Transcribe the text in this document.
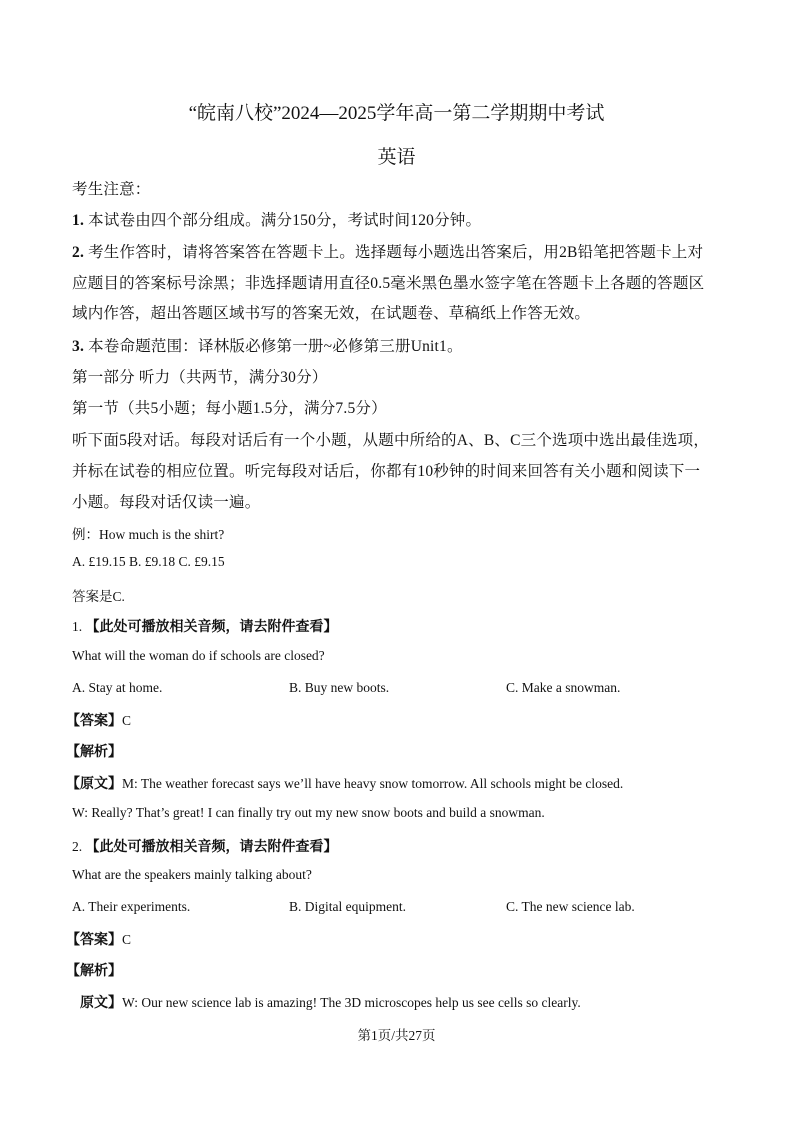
“皖南八校”2024—2025学年高一第二学期期中考试
英语
考生注意：
1. 本试卷由四个部分组成。满分150分，考试时间120分钟。
2. 考生作答时，请将答案答在答题卡上。选择题每小题选出答案后，用2B铅笔把答题卡上对
应题目的答案标号涂黑；非选择题请用直径0.5毫米黑色墨水签字笔在答题卡上各题的答题区
域内作答，超出答题区域书写的答案无效，在试题卷、草稿纸上作答无效。
3. 本卷命题范围：译林版必修第一册~必修第三册Unit1。
第一部分 听力（共两节，满分30分）
第一节（共5小题；每小题1.5分，满分7.5分）
听下面5段对话。每段对话后有一个小题，从题中所给的A、B、C三个选项中选出最佳选项，
并标在试卷的相应位置。听完每段对话后，你都有10秒钟的时间来回答有关小题和阅读下一
小题。每段对话仅读一遍。
例：How much is the shirt?
A. £19.15 B. £9.18 C. £9.15
答案是C.
1. 【此处可播放相关音频，请去附件查看】
What will the woman do if schools are closed?
A. Stay at home.	B. Buy new boots.	C. Make a snowman.
【答案】C
【解析】
【原文】M: The weather forecast says we’ll have heavy snow tomorrow. All schools might be closed.
W: Really? That’s great! I can finally try out my new snow boots and build a snowman.
2. 【此处可播放相关音频，请去附件查看】
What are the speakers mainly talking about?
A. Their experiments.	B. Digital equipment.	C. The new science lab.
【答案】C
【解析】
原文】W: Our new science lab is amazing! The 3D microscopes help us see cells so clearly.
第1页/共27页
